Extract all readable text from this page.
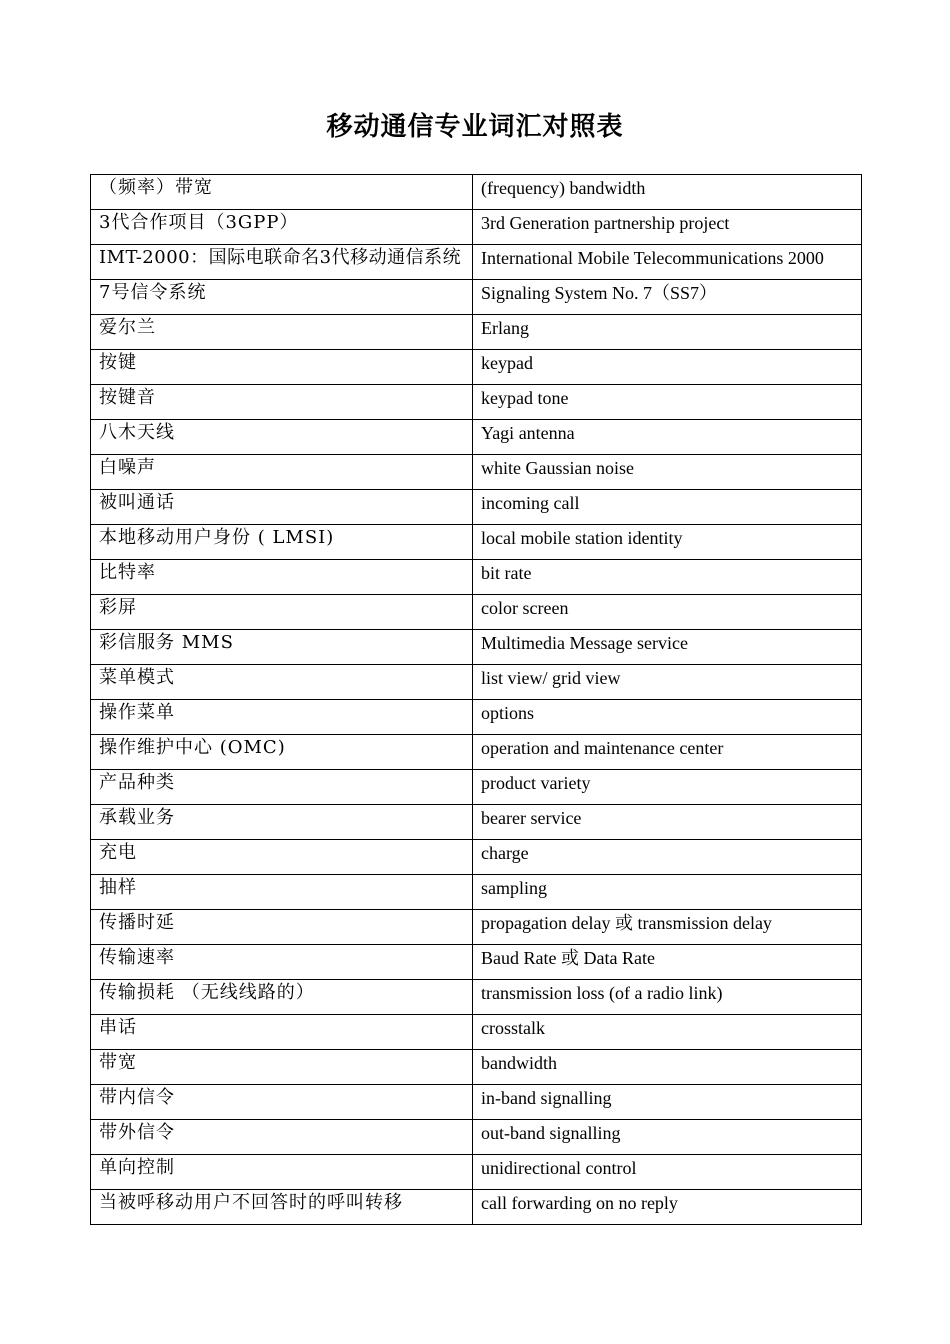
移动通信专业词汇对照表
（频率）带宽	(frequency) bandwidth
3代合作项目（3GPP）	3rd Generation partnership project
IMT-2000：国际电联命名3代移动通信系统	International Mobile Telecommunications 2000
7号信令系统	Signaling System No. 7（SS7）
爱尔兰	Erlang
按键	keypad
按键音	keypad tone
八木天线	Yagi antenna
白噪声	white Gaussian noise
被叫通话	incoming call
本地移动用户身份 ( LMSI)	local mobile station identity
比特率	bit rate
彩屏	color screen
彩信服务 MMS	Multimedia Message service
菜单模式	list view/ grid view
操作菜单	options
操作维护中心 (OMC)	operation and maintenance center
产品种类	product variety
承载业务	bearer service
充电	charge
抽样	sampling
传播时延	propagation delay 或 transmission delay
传输速率	Baud Rate 或 Data Rate
传输损耗 （无线线路的）	transmission loss (of a radio link)
串话	crosstalk
带宽	bandwidth
带内信令	in-band signalling
带外信令	out-band signalling
单向控制	unidirectional control
当被呼移动用户不回答时的呼叫转移	call forwarding on no reply
